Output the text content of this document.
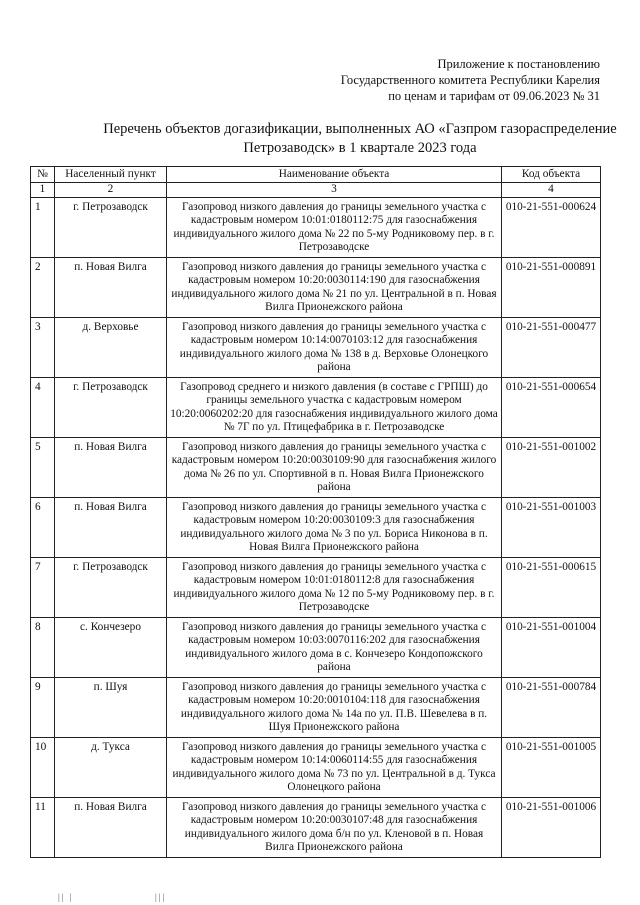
Приложение к постановлению
Государственного комитета Республики Карелия
по ценам и тарифам от 09.06.2023 № 31
Перечень объектов догазификации, выполненных АО «Газпром газораспределение
Петрозаводск» в 1 квартале 2023 года
№	Населенный пункт	Наименование объекта	Код объекта
1	2	3	4
1	г. Петрозаводск	Газопровод низкого давления до границы земельного участка с кадастровым номером 10:01:0180112:75 для газоснабжения индивидуального жилого дома № 22 по 5-му Родниковому пер. в г. Петрозаводске	010-21-551-000624
2	п. Новая Вилга	Газопровод низкого давления до границы земельного участка с кадастровым номером 10:20:0030114:190 для газоснабжения индивидуального жилого дома № 21 по ул. Центральной в п. Новая Вилга Прионежского района	010-21-551-000891
3	д. Верховье	Газопровод низкого давления до границы земельного участка с кадастровым номером 10:14:0070103:12 для газоснабжения индивидуального жилого дома № 138 в д. Верховье Олонецкого района	010-21-551-000477
4	г. Петрозаводск	Газопровод среднего и низкого давления (в составе с ГРПШ) до границы земельного участка с кадастровым номером 10:20:0060202:20 для газоснабжения индивидуального жилого дома № 7Г по ул. Птицефабрика в г. Петрозаводске	010-21-551-000654
5	п. Новая Вилга	Газопровод низкого давления до границы земельного участка с кадастровым номером 10:20:0030109:90 для газоснабжения жилого дома № 26 по ул. Спортивной в п. Новая Вилга Прионежского района	010-21-551-001002
6	п. Новая Вилга	Газопровод низкого давления до границы земельного участка с кадастровым номером 10:20:0030109:3 для газоснабжения индивидуального жилого дома № 3 по ул. Бориса Никонова в п. Новая Вилга Прионежского района	010-21-551-001003
7	г. Петрозаводск	Газопровод низкого давления до границы земельного участка с кадастровым номером 10:01:0180112:8 для газоснабжения индивидуального жилого дома № 12 по 5-му Родниковому пер. в г. Петрозаводске	010-21-551-000615
8	с. Кончезеро	Газопровод низкого давления до границы земельного участка с кадастровым номером 10:03:0070116:202 для газоснабжения индивидуального жилого дома в с. Кончезеро Кондопожского района	010-21-551-001004
9	п. Шуя	Газопровод низкого давления до границы земельного участка с кадастровым номером 10:20:0010104:118 для газоснабжения индивидуального жилого дома № 14а по ул. П.В. Шевелева в п. Шуя Прионежского района	010-21-551-000784
10	д. Тукса	Газопровод низкого давления до границы земельного участка с кадастровым номером 10:14:0060114:55 для газоснабжения индивидуального жилого дома № 73 по ул. Центральной в д. Тукса Олонецкого района	010-21-551-001005
11	п. Новая Вилга	Газопровод низкого давления до границы земельного участка с кадастровым номером 10:20:0030107:48 для газоснабжения индивидуального жилого дома б/н по ул. Кленовой в п. Новая Вилга Прионежского района	010-21-551-001006
|| |	|||
